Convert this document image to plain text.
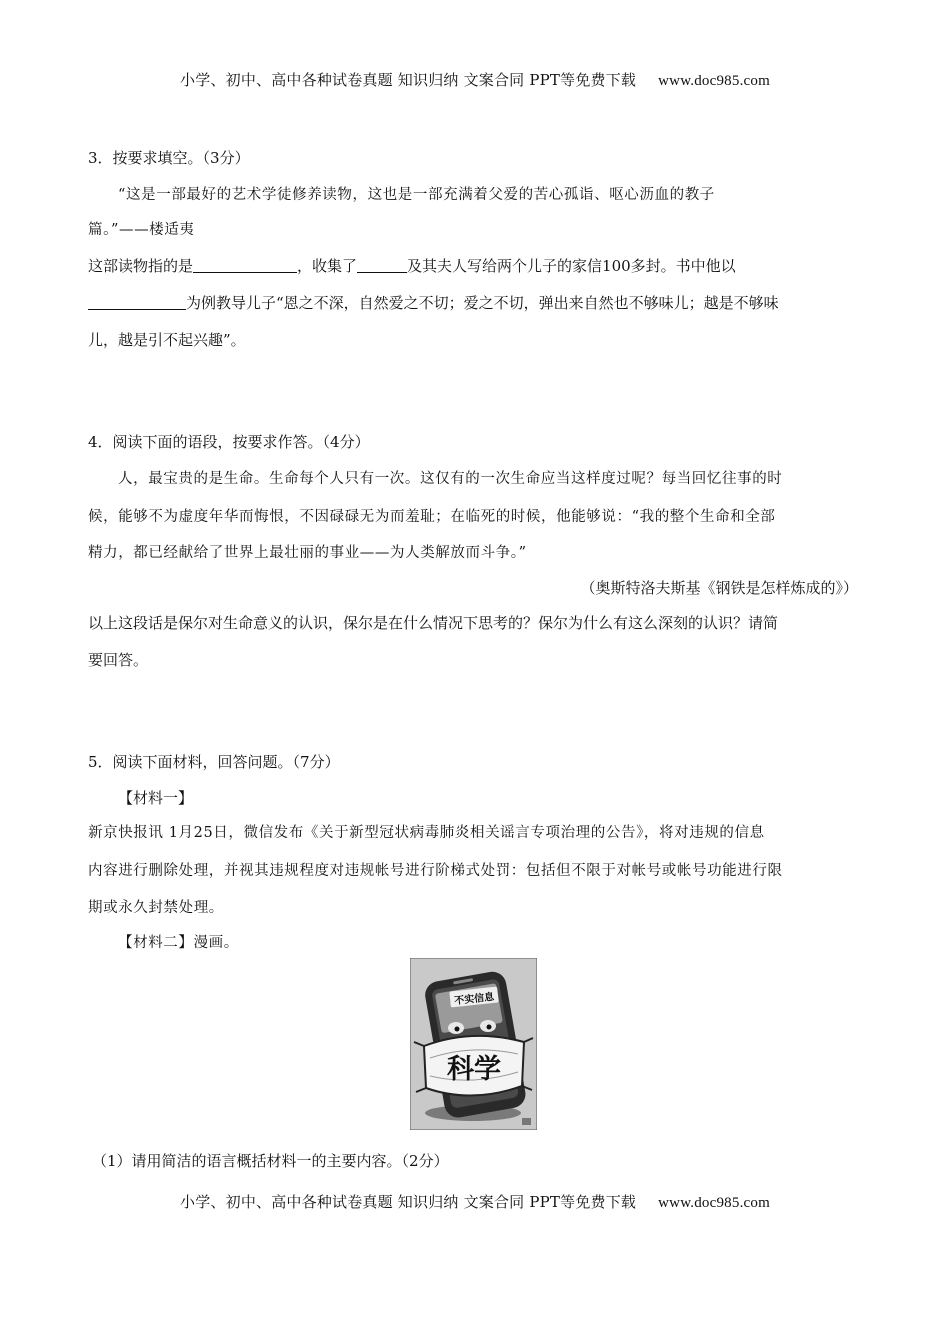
小学、初中、高中各种试卷真题 知识归纳 文案合同 PPT等免费下载 www.doc985.com
3．按要求填空。（3分）
“这是一部最好的艺术学徒修养读物，这也是一部充满着父爱的苦心孤诣、呕心沥血的教子
篇。”——楼适夷
这部读物指的是	，收集了	及其夫人写给两个儿子的家信100多封。书中他以
为例教导儿子“恩之不深，自然爱之不切；爱之不切，弹出来自然也不够味儿；越是不够味
儿，越是引不起兴趣”。
4．阅读下面的语段，按要求作答。（4分）
人，最宝贵的是生命。生命每个人只有一次。这仅有的一次生命应当这样度过呢？每当回忆往事的时
候，能够不为虚度年华而悔恨，不因碌碌无为而羞耻；在临死的时候，他能够说：“我的整个生命和全部
精力，都已经献给了世界上最壮丽的事业——为人类解放而斗争。”
（奥斯特洛夫斯基《钢铁是怎样炼成的》）
以上这段话是保尔对生命意义的认识，保尔是在什么情况下思考的？保尔为什么有这么深刻的认识？请简
要回答。
5．阅读下面材料，回答问题。（7分）
【材料一】
新京快报讯 1月25日，微信发布《关于新型冠状病毒肺炎相关谣言专项治理的公告》，将对违规的信息
内容进行删除处理，并视其违规程度对违规帐号进行阶梯式处罚：包括但不限于对帐号或帐号功能进行限
期或永久封禁处理。
【材料二】漫画。
不实信息
科学
（1）请用简洁的语言概括材料一的主要内容。（2分）
小学、初中、高中各种试卷真题 知识归纳 文案合同 PPT等免费下载 www.doc985.com
